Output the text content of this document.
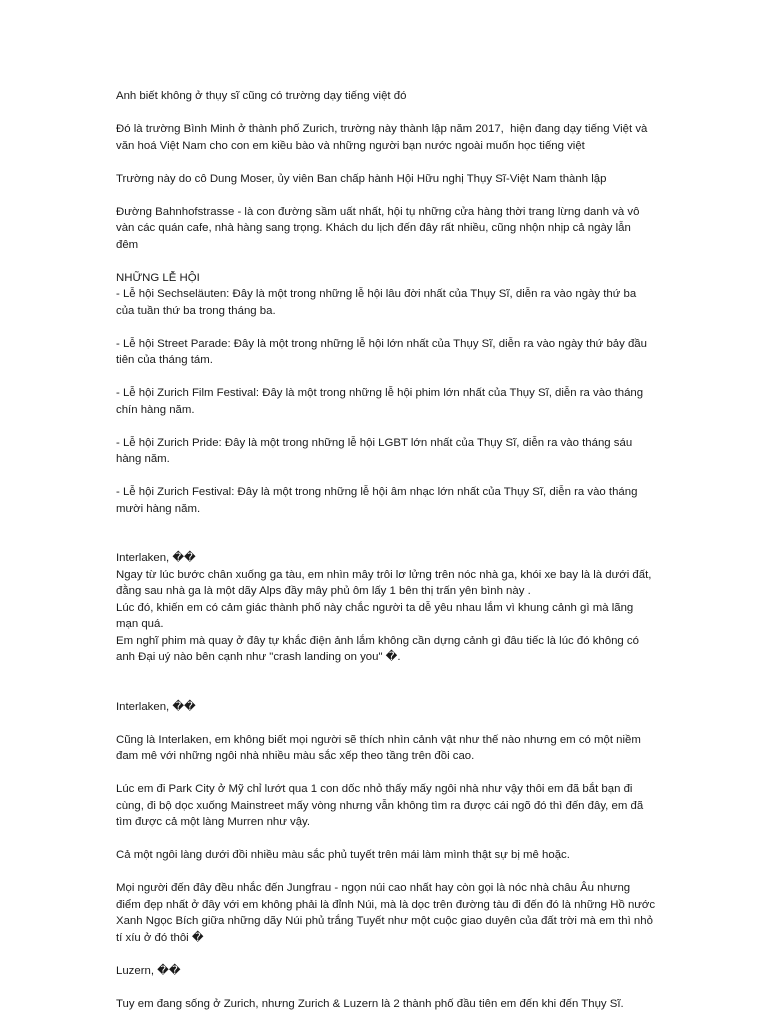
Anh biết không ở thụy sĩ cũng có trường dạy tiếng việt đó

Đó là trường Bình Minh ở thành phố Zurich, trường này thành lập năm 2017,  hiện đang dạy tiếng Việt và văn hoá Việt Nam cho con em kiều bào và những người bạn nước ngoài muốn học tiếng việt

Trường này do cô Dung Moser, ủy viên Ban chấp hành Hội Hữu nghị Thụy Sĩ-Việt Nam thành lập

Đường Bahnhofstrasse - là con đường sầm uất nhất, hội tụ những cửa hàng thời trang lừng danh và vô vàn các quán cafe, nhà hàng sang trọng. Khách du lịch đến đây rất nhiều, cũng nhộn nhịp cả ngày lẫn đêm

NHỮNG LỄ HỘI

- Lễ hội Sechseläuten: Đây là một trong những lễ hội lâu đời nhất của Thụy Sĩ, diễn ra vào ngày thứ ba của tuần thứ ba trong tháng ba.

- Lễ hội Street Parade: Đây là một trong những lễ hội lớn nhất của Thụy Sĩ, diễn ra vào ngày thứ bảy đầu tiên của tháng tám.

- Lễ hội Zurich Film Festival: Đây là một trong những lễ hội phim lớn nhất của Thụy Sĩ, diễn ra vào tháng chín hàng năm.

- Lễ hội Zurich Pride: Đây là một trong những lễ hội LGBT lớn nhất của Thụy Sĩ, diễn ra vào tháng sáu hàng năm.

- Lễ hội Zurich Festival: Đây là một trong những lễ hội âm nhạc lớn nhất của Thụy Sĩ, diễn ra vào tháng mười hàng năm.

Interlaken, ��

Ngay từ lúc bước chân xuống ga tàu, em nhìn mây trôi lơ lửng trên nóc nhà ga, khói xe bay là là dưới đất, đằng sau nhà ga là một dãy Alps đầy mây phủ ôm lấy 1 bên thị trấn yên bình này .

Lúc đó, khiến em có cảm giác thành phố này chắc người ta dễ yêu nhau lắm vì khung cảnh gì mà lãng mạn quá.

Em nghĩ phim mà quay ở đây tự khắc điện ảnh lắm không cần dựng cảnh gì đâu tiếc là lúc đó không có anh Đại uý nào bên cạnh như "crash landing on you" �.

Interlaken, ��

Cũng là Interlaken, em không biết mọi người sẽ thích nhìn cảnh vật như thế nào nhưng em có một niềm đam mê với những ngôi nhà nhiều màu sắc xếp theo tầng trên đồi cao.

Lúc em đi Park City ở Mỹ chỉ lướt qua 1 con dốc nhỏ thấy mấy ngôi nhà như vậy thôi em đã bắt bạn đi cùng, đi bộ dọc xuống Mainstreet mấy vòng nhưng vẫn không tìm ra được cái ngõ đó thì đến đây, em đã tìm được cả một làng Murren như vậy.

Cả một ngôi làng dưới đồi nhiều màu sắc phủ tuyết trên mái làm mình thật sự bị mê hoặc.

Mọi người đến đây đều nhắc đến Jungfrau - ngọn núi cao nhất hay còn gọi là nóc nhà châu Âu nhưng điểm đẹp nhất ở đây với em không phải là đỉnh Núi, mà là dọc trên đường tàu đi đến đó là những Hồ nước Xanh Ngọc Bích giữa những dãy Núi phủ trắng Tuyết như một cuộc giao duyên của đất trời mà em thì nhỏ tí xíu ở đó thôi �

Luzern, ��

Tuy em đang sống ở Zurich, nhưng Zurich & Luzern là 2 thành phố đầu tiên em đến khi đến Thụy Sĩ.
